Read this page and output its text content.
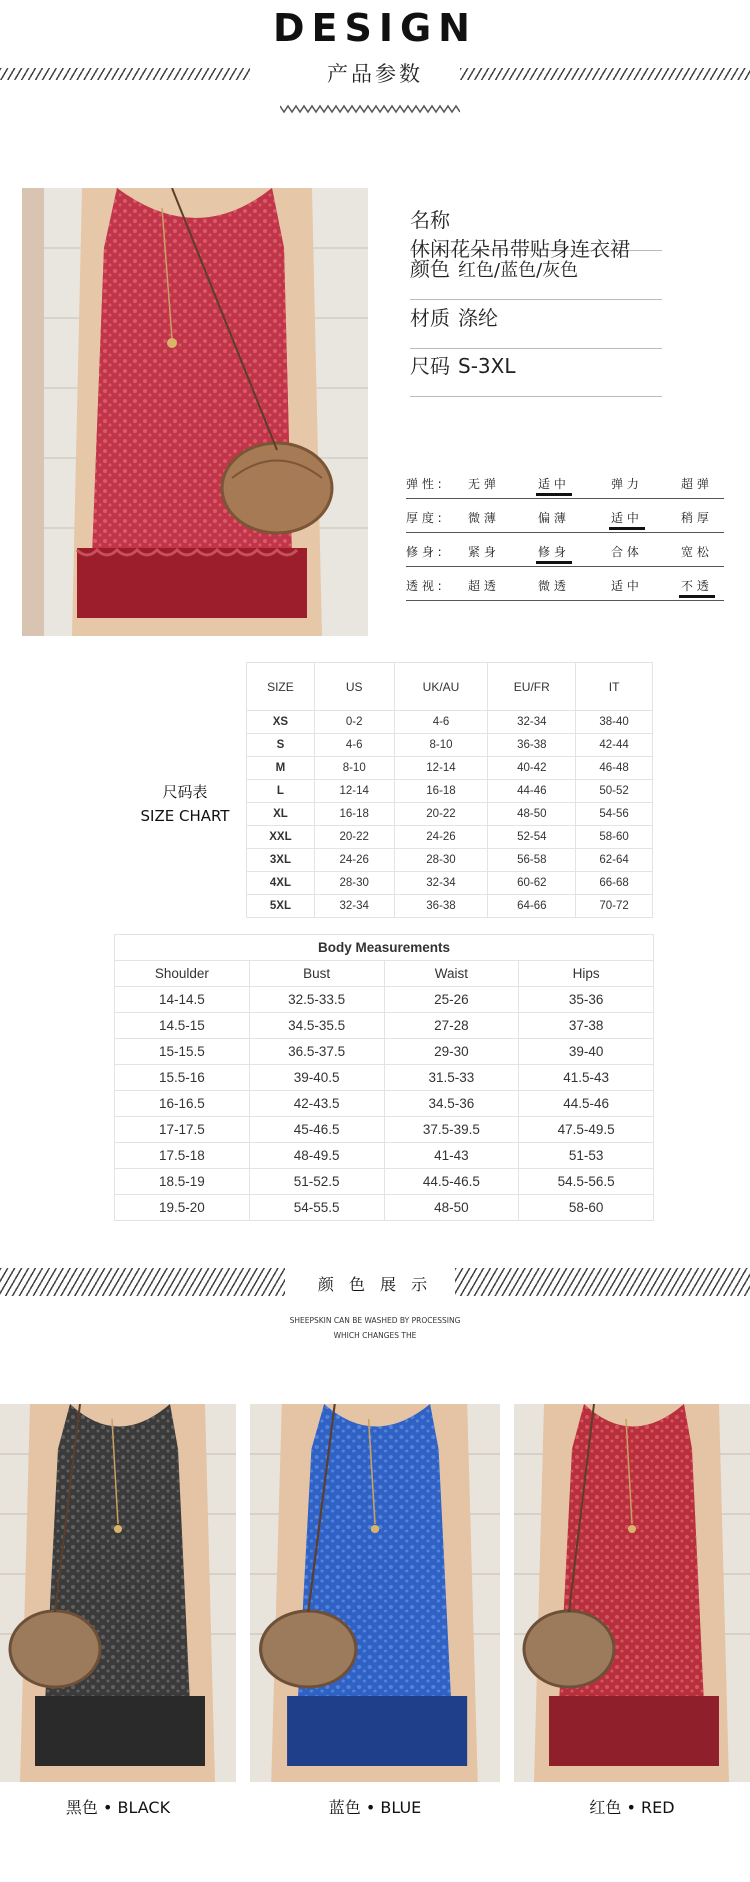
DESIGN
产品参数
名称休闲花朵吊带贴身连衣裙
颜色 红色/蓝色/灰色
材质 涤纶
尺码 S-3XL
弹 性 : 无 弹	适 中	弹 力	超 弹
厚 度 : 微 薄	偏 薄	适 中	稍 厚
修 身 : 紧 身	修 身	合 体	宽 松
透 视 : 超 透	微 透	适 中	不 透
尺码表
SIZE CHART
SIZE	US	UK/AU	EU/FR	IT
XS	0-2	4-6	32-34	38-40
S	4-6	8-10	36-38	42-44
M	8-10	12-14	40-42	46-48
L	12-14	16-18	44-46	50-52
XL	16-18	20-22	48-50	54-56
XXL	20-22	24-26	52-54	58-60
3XL	24-26	28-30	56-58	62-64
4XL	28-30	32-34	60-62	66-68
5XL	32-34	36-38	64-66	70-72
Body Measurements			
Shoulder	Bust	Waist	Hips
14-14.5	32.5-33.5	25-26	35-36
14.5-15	34.5-35.5	27-28	37-38
15-15.5	36.5-37.5	29-30	39-40
15.5-16	39-40.5	31.5-33	41.5-43
16-16.5	42-43.5	34.5-36	44.5-46
17-17.5	45-46.5	37.5-39.5	47.5-49.5
17.5-18	48-49.5	41-43	51-53
18.5-19	51-52.5	44.5-46.5	54.5-56.5
19.5-20	54-55.5	48-50	58-60
颜 色 展 示
SHEEPSKIN CAN BE WASHED BY PROCESSING
WHICH CHANGES THE
黑色 • BLACK	蓝色 • BLUE	红色 • RED
